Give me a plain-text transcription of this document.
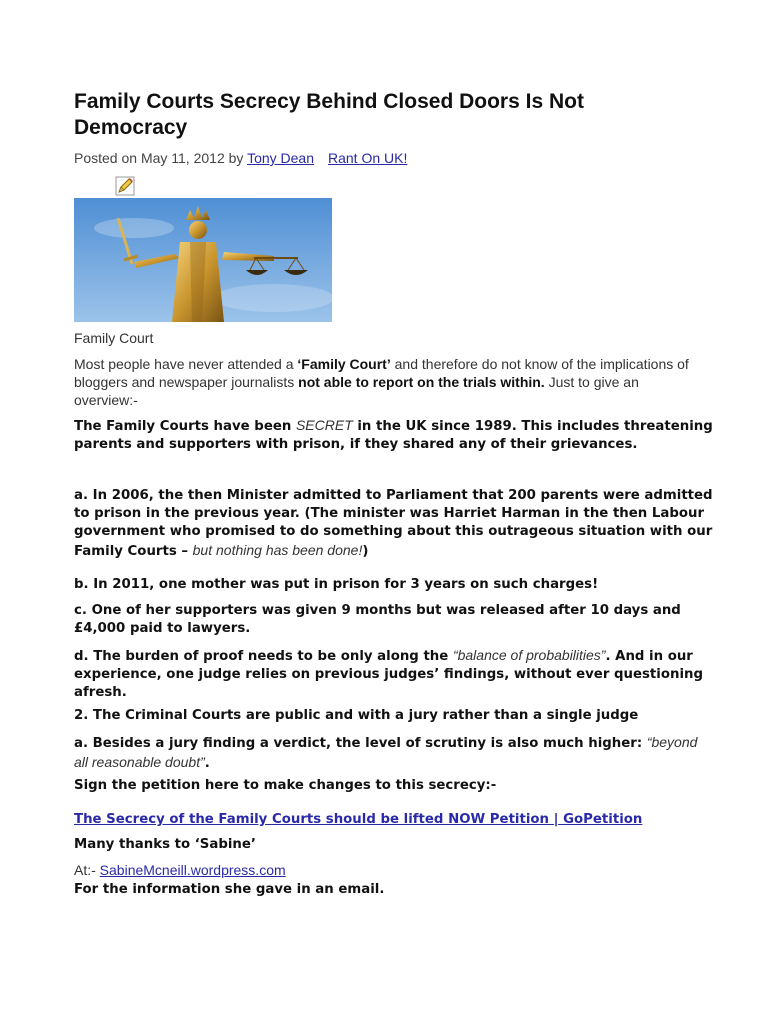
Family Courts Secrecy Behind Closed Doors Is Not Democracy
Posted on May 11, 2012 by Tony Dean Rant On UK!
Family Court

Most people have never attended a ‘Family Court’ and therefore do not know of the implications of bloggers and newspaper journalists not able to report on the trials within. Just to give an overview:-

The Family Courts have been SECRET in the UK since 1989. This includes threatening parents and supporters with prison, if they shared any of their grievances.

a. In 2006, the then Minister admitted to Parliament that 200 parents were admitted to prison in the previous year. (The minister was Harriet Harman in the then Labour government who promised to do something about this outrageous situation with our Family Courts – but nothing has been done!)

b. In 2011, one mother was put in prison for 3 years on such charges!

c. One of her supporters was given 9 months but was released after 10 days and £4,000 paid to lawyers.

d. The burden of proof needs to be only along the “balance of probabilities”. And in our experience, one judge relies on previous judges’ findings, without ever questioning afresh.

2. The Criminal Courts are public and with a jury rather than a single judge

a. Besides a jury finding a verdict, the level of scrutiny is also much higher: “beyond all reasonable doubt”.

Sign the petition here to make changes to this secrecy:-

The Secrecy of the Family Courts should be lifted NOW Petition | GoPetition

Many thanks to ‘Sabine’

At:- SabineMcneill.wordpress.com

For the information she gave in an email.
